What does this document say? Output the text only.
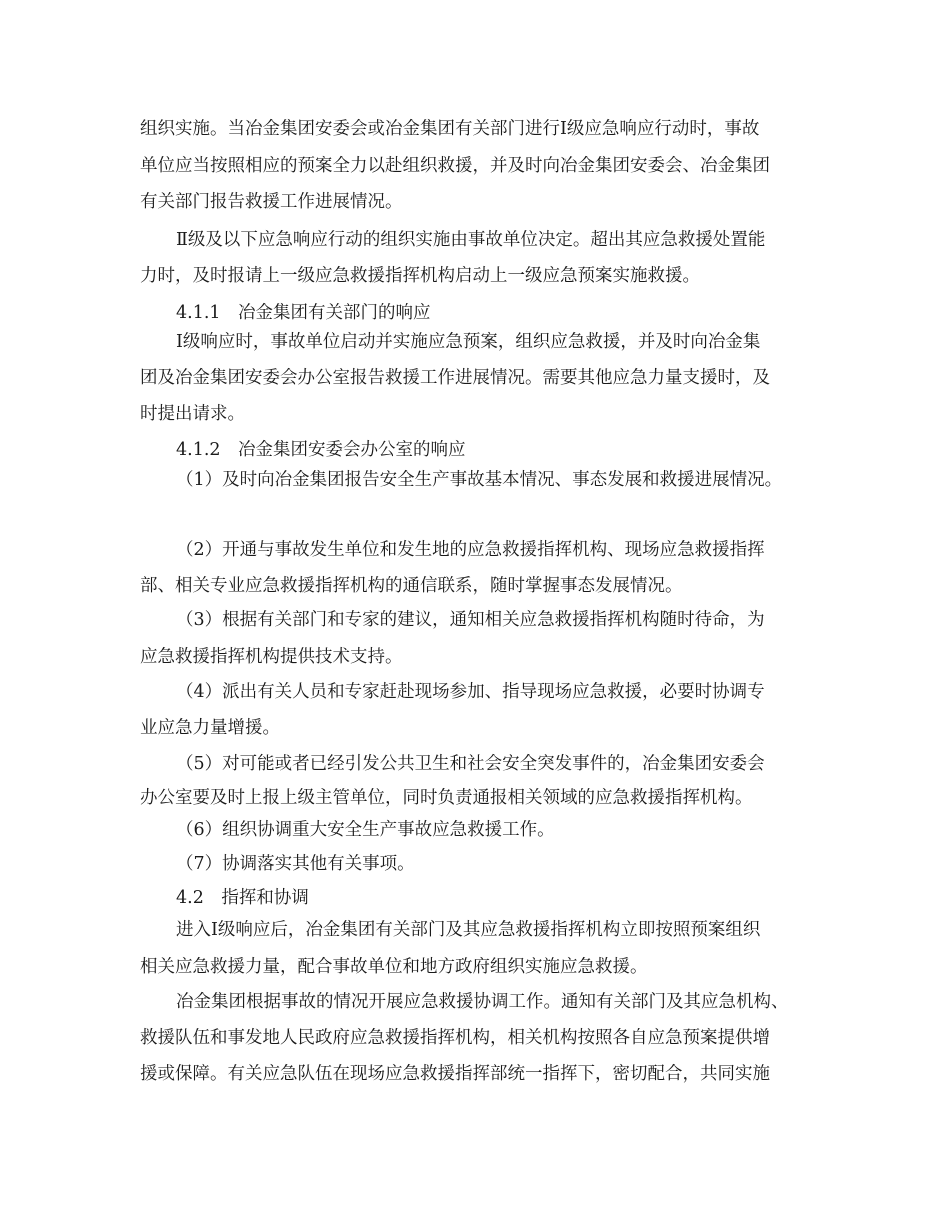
组织实施。当冶金集团安委会或冶金集团有关部门进行Ⅰ级应急响应行动时，事故
单位应当按照相应的预案全力以赴组织救援，并及时向冶金集团安委会、冶金集团
有关部门报告救援工作进展情况。
Ⅱ级及以下应急响应行动的组织实施由事故单位决定。超出其应急救援处置能
力时，及时报请上一级应急救援指挥机构启动上一级应急预案实施救援。
4.1.1　冶金集团有关部门的响应
Ⅰ级响应时，事故单位启动并实施应急预案，组织应急救援，并及时向冶金集
团及冶金集团安委会办公室报告救援工作进展情况。需要其他应急力量支援时，及
时提出请求。
4.1.2　冶金集团安委会办公室的响应
（1）及时向冶金集团报告安全生产事故基本情况、事态发展和救援进展情况。
（2）开通与事故发生单位和发生地的应急救援指挥机构、现场应急救援指挥
部、相关专业应急救援指挥机构的通信联系，随时掌握事态发展情况。
（3）根据有关部门和专家的建议，通知相关应急救援指挥机构随时待命，为
应急救援指挥机构提供技术支持。
（4）派出有关人员和专家赶赴现场参加、指导现场应急救援，必要时协调专
业应急力量增援。
（5）对可能或者已经引发公共卫生和社会安全突发事件的，冶金集团安委会
办公室要及时上报上级主管单位，同时负责通报相关领域的应急救援指挥机构。
（6）组织协调重大安全生产事故应急救援工作。
（7）协调落实其他有关事项。
4.2　指挥和协调
进入Ⅰ级响应后，冶金集团有关部门及其应急救援指挥机构立即按照预案组织
相关应急救援力量，配合事故单位和地方政府组织实施应急救援。
冶金集团根据事故的情况开展应急救援协调工作。通知有关部门及其应急机构、
救援队伍和事发地人民政府应急救援指挥机构，相关机构按照各自应急预案提供增
援或保障。有关应急队伍在现场应急救援指挥部统一指挥下，密切配合，共同实施
